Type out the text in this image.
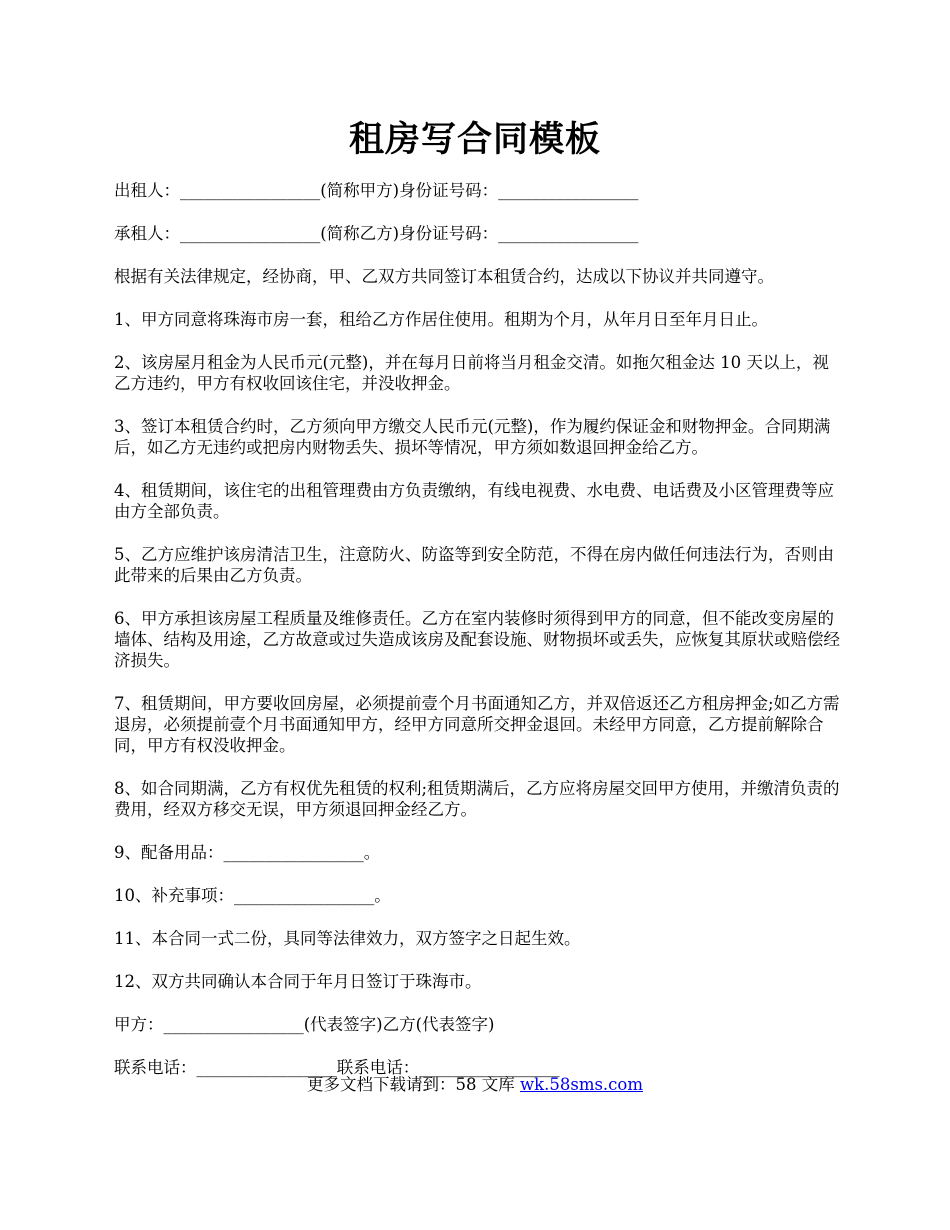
租房写合同模板

出租人：_________________(简称甲方)身份证号码：_________________

承租人：_________________(简称乙方)身份证号码：_________________

根据有关法律规定，经协商，甲、乙双方共同签订本租赁合约，达成以下协议并共同遵守。

1、甲方同意将珠海市房一套，租给乙方作居住使用。租期为个月，从年月日至年月日止。

2、该房屋月租金为人民币元(元整)，并在每月日前将当月租金交清。如拖欠租金达 10 天以上，视乙方违约，甲方有权收回该住宅，并没收押金。

3、签订本租赁合约时，乙方须向甲方缴交人民币元(元整)，作为履约保证金和财物押金。合同期满后，如乙方无违约或把房内财物丢失、损坏等情况，甲方须如数退回押金给乙方。

4、租赁期间，该住宅的出租管理费由方负责缴纳，有线电视费、水电费、电话费及小区管理费等应由方全部负责。

5、乙方应维护该房清洁卫生，注意防火、防盗等到安全防范，不得在房内做任何违法行为，否则由此带来的后果由乙方负责。

6、甲方承担该房屋工程质量及维修责任。乙方在室内装修时须得到甲方的同意，但不能改变房屋的墙体、结构及用途，乙方故意或过失造成该房及配套设施、财物损坏或丢失，应恢复其原状或赔偿经济损失。

7、租赁期间，甲方要收回房屋，必须提前壹个月书面通知乙方，并双倍返还乙方租房押金;如乙方需退房，必须提前壹个月书面通知甲方，经甲方同意所交押金退回。未经甲方同意，乙方提前解除合同，甲方有权没收押金。

8、如合同期满，乙方有权优先租赁的权利;租赁期满后，乙方应将房屋交回甲方使用，并缴清负责的费用，经双方移交无误，甲方须退回押金经乙方。

9、配备用品：_________________。

10、补充事项：_________________。

11、本合同一式二份，具同等法律效力，双方签字之日起生效。

12、双方共同确认本合同于年月日签订于珠海市。

甲方：_________________(代表签字)乙方(代表签字)

联系电话：_________________联系电话：_________________

更多文档下载请到：58 文库 wk.58sms.com
